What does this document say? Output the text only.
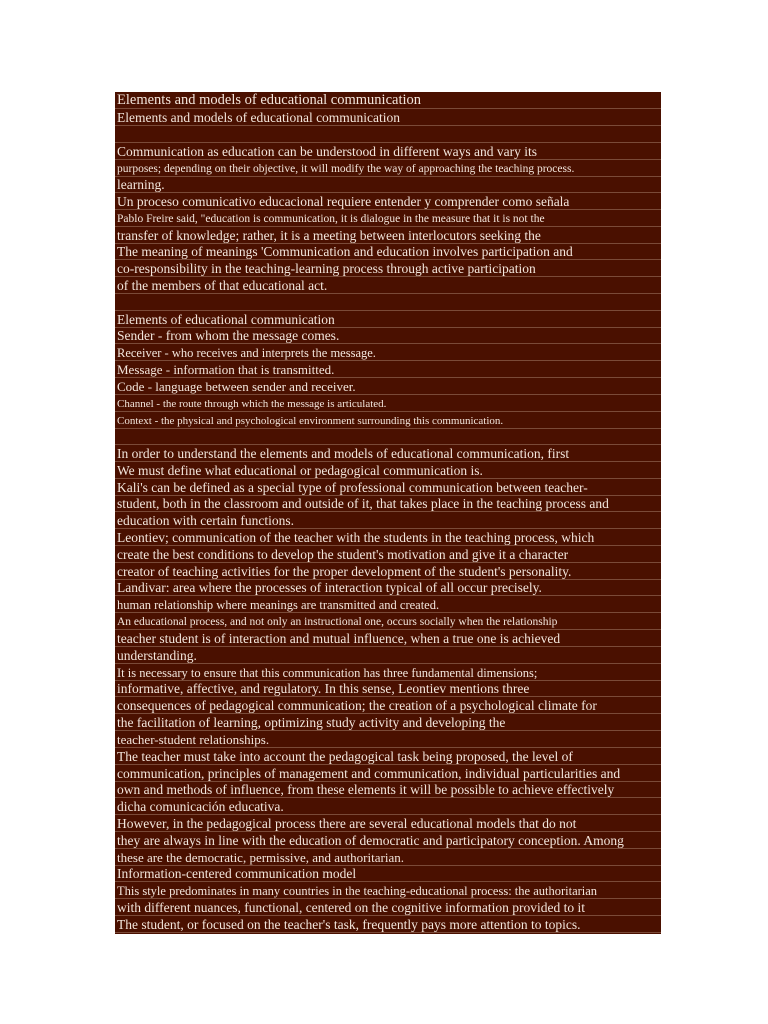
Elements and models of educational communication
Elements and models of educational communication
Communication as education can be understood in different ways and vary its
purposes; depending on their objective, it will modify the way of approaching the teaching process.
learning.
Un proceso comunicativo educacional requiere entender y comprender como señala
Pablo Freire said, "education is communication, it is dialogue in the measure that it is not the
transfer of knowledge; rather, it is a meeting between interlocutors seeking the
The meaning of meanings 'Communication and education involves participation and
co-responsibility in the teaching-learning process through active participation
of the members of that educational act.
Elements of educational communication
Sender - from whom the message comes.
Receiver - who receives and interprets the message.
Message - information that is transmitted.
Code - language between sender and receiver.
Channel - the route through which the message is articulated.
Context - the physical and psychological environment surrounding this communication.
In order to understand the elements and models of educational communication, first
We must define what educational or pedagogical communication is.
Kali's can be defined as a special type of professional communication between teacher-
student, both in the classroom and outside of it, that takes place in the teaching process and
education with certain functions.
Leontiev; communication of the teacher with the students in the teaching process, which
create the best conditions to develop the student's motivation and give it a character
creator of teaching activities for the proper development of the student's personality.
Landivar: area where the processes of interaction typical of all occur precisely.
human relationship where meanings are transmitted and created.
An educational process, and not only an instructional one, occurs socially when the relationship
teacher student is of interaction and mutual influence, when a true one is achieved
understanding.
It is necessary to ensure that this communication has three fundamental dimensions;
informative, affective, and regulatory. In this sense, Leontiev mentions three
consequences of pedagogical communication; the creation of a psychological climate for
the facilitation of learning, optimizing study activity and developing the
teacher-student relationships.
The teacher must take into account the pedagogical task being proposed, the level of
communication, principles of management and communication, individual particularities and
own and methods of influence, from these elements it will be possible to achieve effectively
dicha comunicación educativa.
However, in the pedagogical process there are several educational models that do not
they are always in line with the education of democratic and participatory conception. Among
these are the democratic, permissive, and authoritarian.
Information-centered communication model
This style predominates in many countries in the teaching-educational process: the authoritarian
with different nuances, functional, centered on the cognitive information provided to it
The student, or focused on the teacher's task, frequently pays more attention to topics.
